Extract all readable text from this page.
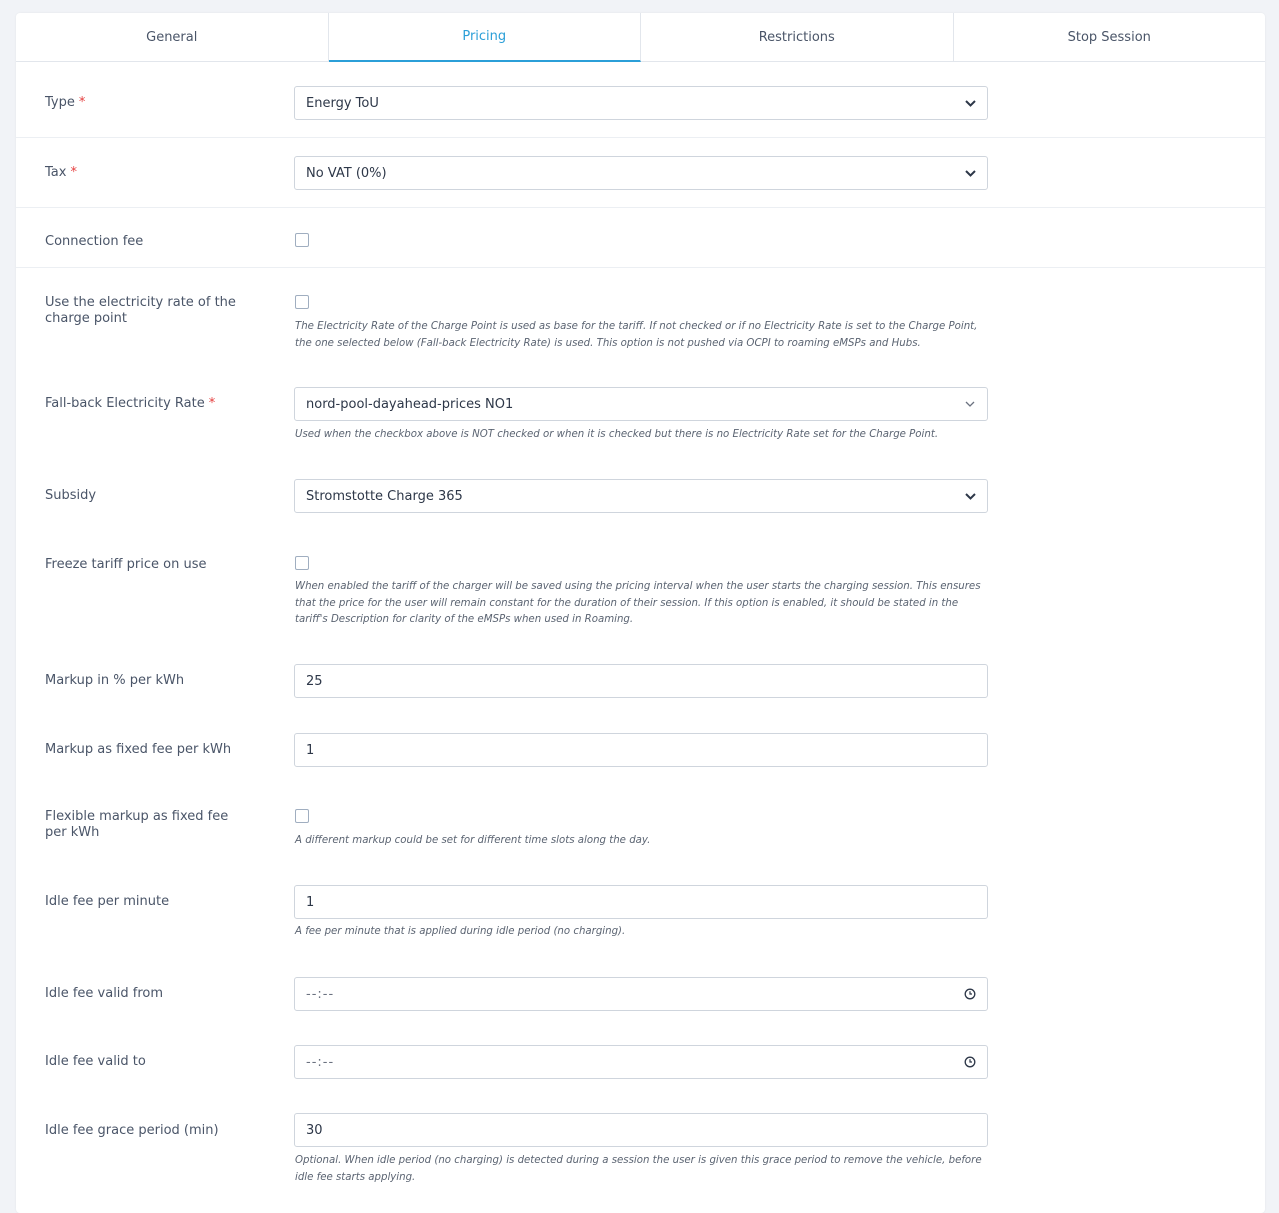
General	Pricing	Restrictions	Stop Session
Type *	Energy ToU
Tax *	No VAT (0%)
Connection fee
Use the electricity rate of the charge point
The Electricity Rate of the Charge Point is used as base for the tariff. If not checked or if no Electricity Rate is set to the Charge Point, the one selected below (Fall-back Electricity Rate) is used. This option is not pushed via OCPI to roaming eMSPs and Hubs.
Fall-back Electricity Rate *	nord-pool-dayahead-prices NO1
Used when the checkbox above is NOT checked or when it is checked but there is no Electricity Rate set for the Charge Point.
Subsidy	Stromstotte Charge 365
Freeze tariff price on use
When enabled the tariff of the charger will be saved using the pricing interval when the user starts the charging session. This ensures that the price for the user will remain constant for the duration of their session. If this option is enabled, it should be stated in the tariff's Description for clarity of the eMSPs when used in Roaming.
Markup in % per kWh	25
Markup as fixed fee per kWh	1
Flexible markup as fixed fee per kWh
A different markup could be set for different time slots along the day.
Idle fee per minute	1
A fee per minute that is applied during idle period (no charging).
Idle fee valid from	--:--
Idle fee valid to	--:--
Idle fee grace period (min)	30
Optional. When idle period (no charging) is detected during a session the user is given this grace period to remove the vehicle, before idle fee starts applying.
